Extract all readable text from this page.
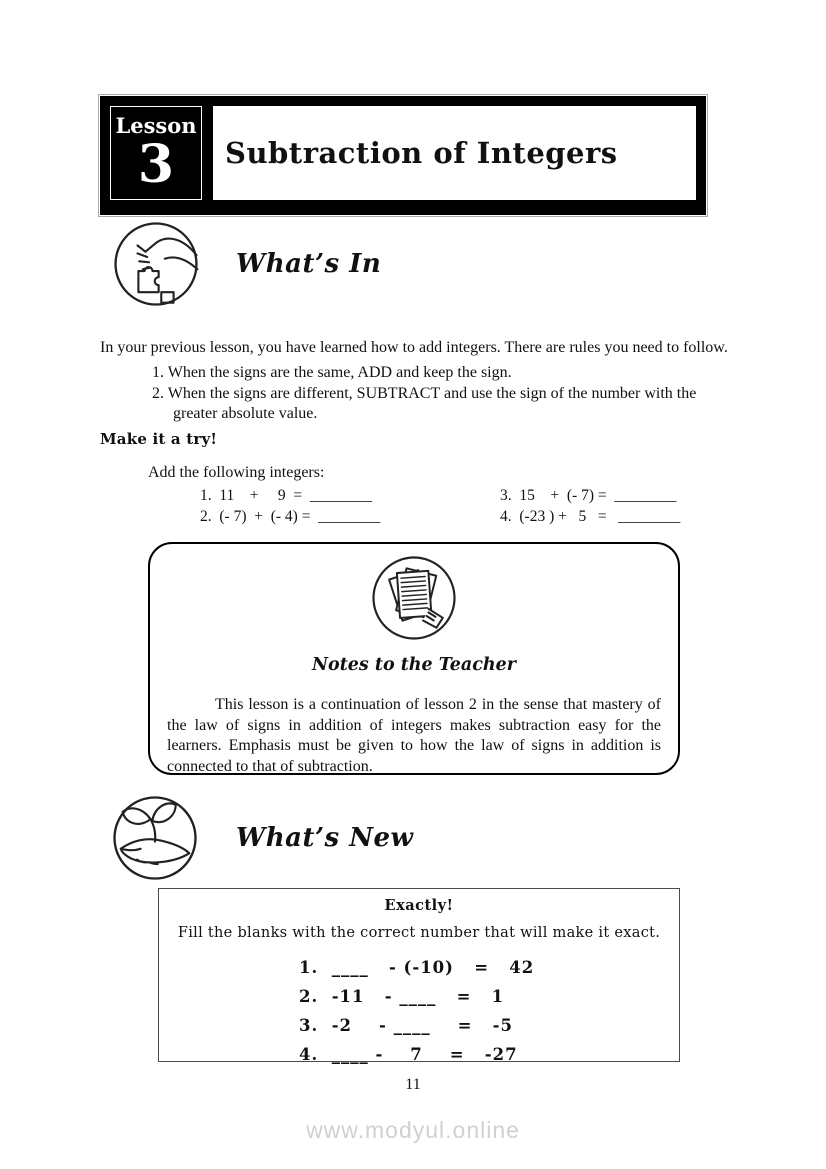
Lesson
3 Subtraction of Integers
What’s In

In your previous lesson, you have learned how to add integers. There are rules you need to follow.

1. When the signs are the same, ADD and keep the sign.
2. When the signs are different, SUBTRACT and use the sign of the number with the greater absolute value.
Make it a try!
Add the following integers:
1.  11    +     9  =  ________
2.  (- 7)  +  (- 4) =  ________
3.  15    +  (- 7) =  ________
4.  (-23 ) +   5   =   ________
Notes to the Teacher

This lesson is a continuation of lesson 2 in the sense that mastery of the law of signs in addition of integers makes subtraction easy for the learners. Emphasis must be given to how the law of signs in addition is connected to that of subtraction.

What’s New
Exactly!
Fill the blanks with the correct number that will make it exact.
1.  ____   - (-10)   =   42
2.  -11   - ____   =   1
3.  -2    - ____    =   -5
4.  ____ -    7    =   -27
11
www.modyul.online
